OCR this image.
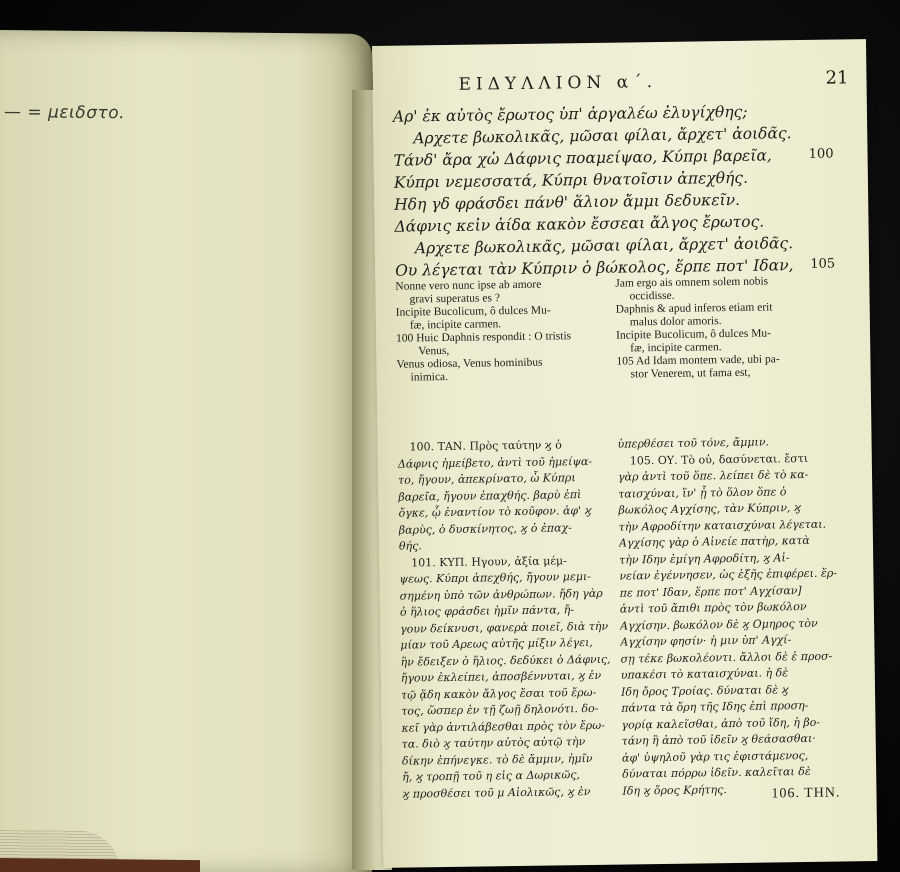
— = μειδστο.
ΕΙΔΥΛΛΙΟΝ α΄.	21
Αρ' ἐκ αὐτὸς ἔρωτος ὑπ' ἀργαλέω ἐλυγίχθης;
Αρχετε βωκολικᾶς, μῶσαι φίλαι, ἄρχετ' ἀοιδᾶς.
Τάνδ' ἄρα χὠ Δάφνις ποαμείψαο, Κύπρι βαρεῖα,	100
Κύπρι νεμεσσατά, Κύπρι θνατοῖσιν ἀπεχθής.
Ηδη γδ φράσδει πάνθ' ἅλιον ἄμμι δεδυκεῖν.
Δάφνις κεἰν ἀίδα κακὸν ἔσσεαι ἄλγος ἔρωτος.
Αρχετε βωκολικᾶς, μῶσαι φίλαι, ἄρχετ' ἀοιδᾶς.
Ου λέγεται τὰν Κύπριν ὁ βώκολος, ἕρπε ποτ' Ιδαν, 105
Nonne vero nunc ipse ab amore
gravi superatus es ?
Incipite Bucolicum, ô dulces Mu-
fæ, incipite carmen.
100 Huic Daphnis respondit : O tristis
Venus,
Venus odiosa, Venus hominibus
inimica.
Jam ergo ais omnem solem nobis
occidisse.
Daphnis & apud inferos etiam erit
malus dolor amoris.
Incipite Bucolicum, ô dulces Mu-
fæ, incipite carmen.
105 Ad Idam montem vade, ubi pa-
stor Venerem, ut fama est,
100. ΤΑΝ. Πρὸς ταύτην ϗ ὁ
Δάφνις ἠμείβετο, ἀντὶ τοῦ ἠμείψα-
το, ἤγουν, ἀπεκρίνατο, ὦ Κύπρι
βαρεῖα, ἤγουν ἐπαχθής. βαρὺ ἐπὶ
ὄγκε, ᾧ ἐναντίον τὸ κοῦφον. ἀφ' ϗ
βαρὺς, ὁ δυσκίνητος, ϗ ὁ ἐπαχ-
θής.
101. ΚΥΠ. Ηγουν, ἀξία μέμ-
ψεως. Κύπρι ἀπεχθής, ἤγουν μεμι-
σημένη ὑπὸ τῶν ἀνθρώπων. ἤδη γὰρ
ὁ ἥλιος φράσδει ἡμῖν πάντα, ἤ-
γουν δείκνυσι, φανερὰ ποιεῖ, διὰ τὴν
μίαν τοῦ Αρεως αὐτῆς μίξιν λέγει,
ἣν ἔδειξεν ὁ ἥλιος. δεδύκει ὁ Δάφνις,
ἤγουν ἐκλείπει, ἀποσβέννυται, ϗ ἐν
τῷ ᾅδη κακὸν ἄλγος ἔσαι τοῦ ἔρω-
τος, ὥσπερ ἐν τῇ ζωῇ δηλονότι. δο-
κεῖ γὰρ ἀντιλάβεσθαι πρὸς τὸν ἔρω-
τα. διὸ ϗ ταύτην αὐτὸς αὐτῷ τὴν
δίκην ἐπήνεγκε. τὸ δὲ ἄμμιν, ἡμῖν
ἤ, ϗ τροπῇ τοῦ η εἰς α Δωρικῶς,
ϗ προσθέσει τοῦ μ Αἰολικῶς, ϗ ἐν
ὑπερθέσει τοῦ τόνε, ἄμμιν.
105. ΟΥ. Τὸ οὐ, δασύνεται. ἔστι
γὰρ ἀντὶ τοῦ ὅπε. λείπει δὲ τὸ κα-
ταισχύναι, ἵν' ᾖ τὸ ὅλον ὅπε ὁ
βωκόλος Αγχίσης, τὰν Κύπριν, ϗ
τὴν Αφροδίτην καταισχύναι λέγεται.
Αγχίσης γὰρ ὁ Αἰνείε πατὴρ, κατὰ
τὴν Ιδην ἐμίγη Αφροδίτη, ϗ Αἰ-
νείαν ἐγέννησεν, ὡς ἑξῆς ἐπιφέρει. ἕρ-
πε ποτ' Ιδαν, ἕρπε ποτ' Αγχίσαν]
ἀντὶ τοῦ ἄπιθι πρὸς τὸν βωκόλον
Αγχίσην. βωκόλον δὲ ϗ Ομηρος τὸν
Αγχίσην φησίν· ἡ μιν ὑπ' Αγχί-
σῃ τέκε βωκολέοντι. ἄλλοι δὲ ἐ προσ-
υπακέσι τὸ καταισχύναι. ἡ δὲ
Ιδη ὄρος Τροίας. δύναται δὲ ϗ
πάντα τὰ ὄρη τῆς Ιδης ἐπὶ προση-
γορίᾳ καλεῖσθαι, ἀπὸ τοῦ ἴδη, ἡ βο-
τάνη ἢ ἀπὸ τοῦ ἰδεῖν ϗ θεάσασθαι·
ἀφ' ὑψηλοῦ γὰρ τις ἐφιστάμενος,
δύναται πόρρω ἰδεῖν. καλεῖται δὲ
Ιδη ϗ ὄρος Κρήτης.	106. ΤΗΝ.
